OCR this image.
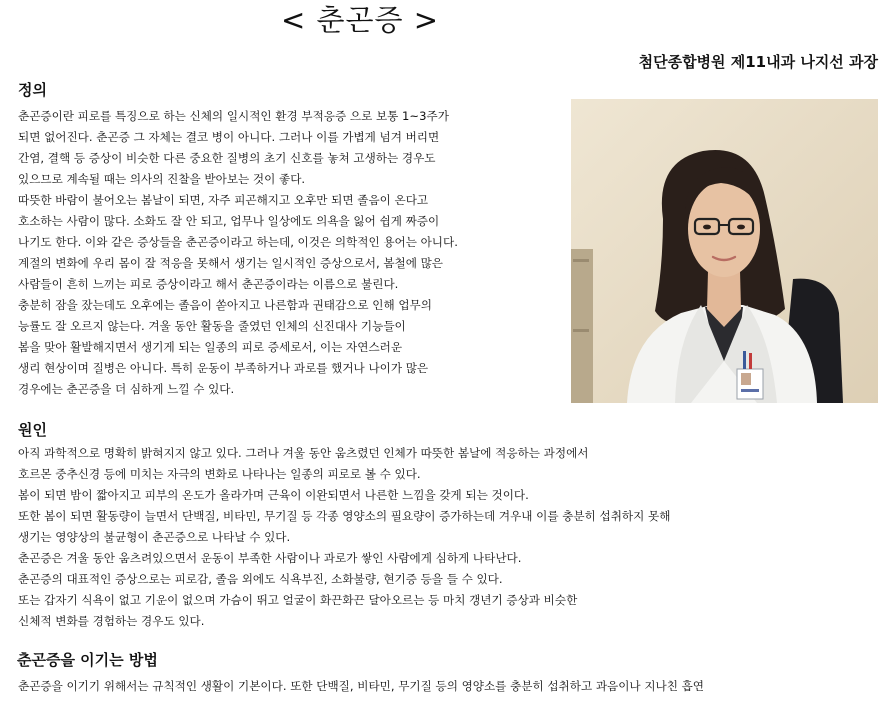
< 춘곤증 >
첨단종합병원 제11내과 나지선 과장
정의
춘곤증이란 피로를 특징으로 하는 신체의 일시적인 환경 부적응증 으로 보통 1~3주가
되면 없어진다. 춘곤증 그 자체는 결코 병이 아니다. 그러나 이를 가볍게 넘겨 버리면
간염, 결핵 등 증상이 비슷한 다른 중요한 질병의 초기 신호를 놓쳐 고생하는 경우도
있으므로 계속될 때는 의사의 진찰을 받아보는 것이 좋다.
따뜻한 바람이 불어오는 봄날이 되면, 자주 피곤해지고 오후만 되면 졸음이 온다고
호소하는 사람이 많다. 소화도 잘 안 되고, 업무나 일상에도 의욕을 잃어 쉽게 짜증이
나기도 한다. 이와 같은 증상들을 춘곤증이라고 하는데, 이것은 의학적인 용어는 아니다.
계절의 변화에 우리 몸이 잘 적응을 못해서 생기는 일시적인 증상으로서, 봄철에 많은
사람들이 흔히 느끼는 피로 증상이라고 해서 춘곤증이라는 이름으로 불린다.
충분히 잠을 잤는데도 오후에는 졸음이 쏟아지고 나른함과 권태감으로 인해 업무의
능률도 잘 오르지 않는다. 겨울 동안 활동을 줄였던 인체의 신진대사 기능들이
봄을 맞아 활발해지면서 생기게 되는 일종의 피로 증세로서, 이는 자연스러운
생리 현상이며 질병은 아니다. 특히 운동이 부족하거나 과로를 했거나 나이가 많은
경우에는 춘곤증을 더 심하게 느낄 수 있다.
원인
아직 과학적으로 명확히 밝혀지지 않고 있다. 그러나 겨울 동안 움츠렸던 인체가 따뜻한 봄날에 적응하는 과정에서
호르몬 중추신경 등에 미치는 자극의 변화로 나타나는 일종의 피로로 볼 수 있다.
봄이 되면 밤이 짧아지고 피부의 온도가 올라가며 근육이 이완되면서 나른한 느낌을 갖게 되는 것이다.
또한 봄이 되면 활동량이 늘면서 단백질, 비타민, 무기질 등 각종 영양소의 필요량이 증가하는데 겨우내 이를 충분히 섭취하지 못해
생기는 영양상의 불균형이 춘곤증으로 나타날 수 있다.
춘곤증은 겨울 동안 움츠려있으면서 운동이 부족한 사람이나 과로가 쌓인 사람에게 심하게 나타난다.
춘곤증의 대표적인 증상으로는 피로감, 졸음 외에도 식욕부진, 소화불량, 현기증 등을 들 수 있다.
또는 갑자기 식욕이 없고 기운이 없으며 가슴이 뛰고 얼굴이 화끈화끈 달아오르는 등 마치 갱년기 증상과 비슷한
신체적 변화를 경험하는 경우도 있다.
춘곤증을 이기는 방법
춘곤증을 이기기 위해서는 규칙적인 생활이 기본이다. 또한 단백질, 비타민, 무기질 등의 영양소를 충분히 섭취하고 과음이나 지나친 흡연
